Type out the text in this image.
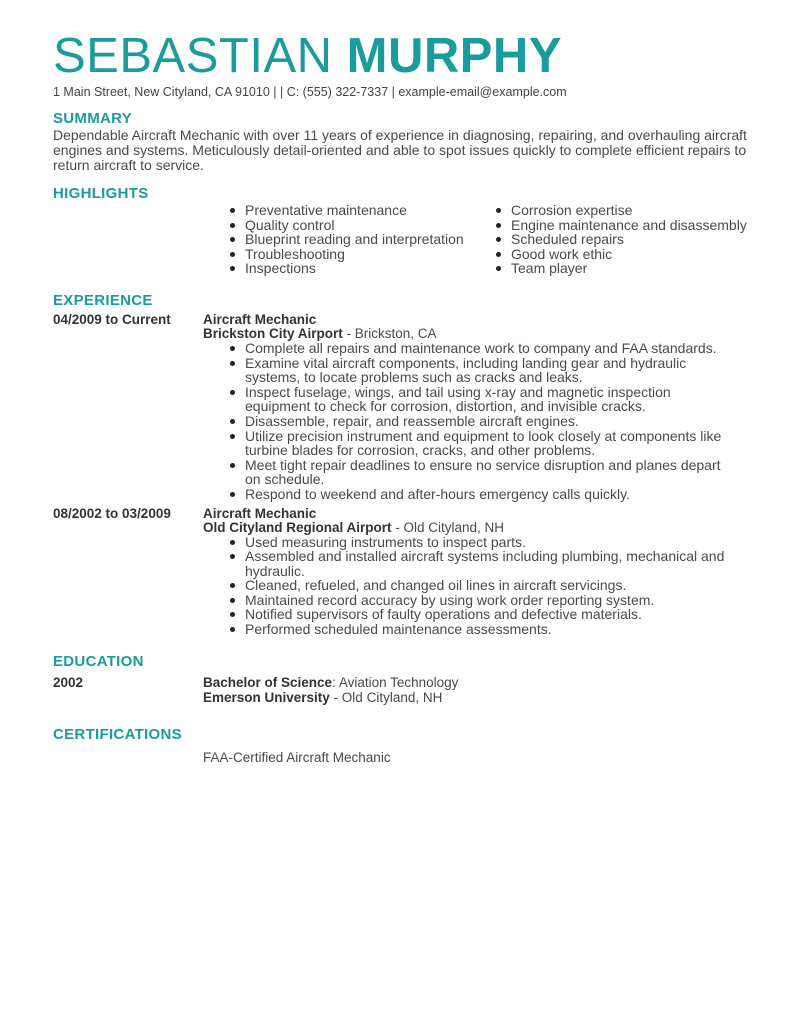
SEBASTIAN MURPHY
1 Main Street, New Cityland, CA 91010 | | C: (555) 322-7337 | example-email@example.com
SUMMARY
Dependable Aircraft Mechanic with over 11 years of experience in diagnosing, repairing, and overhauling aircraft engines and systems. Meticulously detail-oriented and able to spot issues quickly to complete efficient repairs to return aircraft to service.
HIGHLIGHTS
Preventative maintenance
Quality control
Blueprint reading and interpretation
Troubleshooting
Inspections
Corrosion expertise
Engine maintenance and disassembly
Scheduled repairs
Good work ethic
Team player
EXPERIENCE
04/2009 to Current	Aircraft Mechanic
Brickston City Airport - Brickston, CA
Complete all repairs and maintenance work to company and FAA standards.
Examine vital aircraft components, including landing gear and hydraulic systems, to locate problems such as cracks and leaks.
Inspect fuselage, wings, and tail using x-ray and magnetic inspection equipment to check for corrosion, distortion, and invisible cracks.
Disassemble, repair, and reassemble aircraft engines.
Utilize precision instrument and equipment to look closely at components like turbine blades for corrosion, cracks, and other problems.
Meet tight repair deadlines to ensure no service disruption and planes depart on schedule.
Respond to weekend and after-hours emergency calls quickly.
08/2002 to 03/2009	Aircraft Mechanic
Old Cityland Regional Airport - Old Cityland, NH
Used measuring instruments to inspect parts.
Assembled and installed aircraft systems including plumbing, mechanical and hydraulic.
Cleaned, refueled, and changed oil lines in aircraft servicings.
Maintained record accuracy by using work order reporting system.
Notified supervisors of faulty operations and defective materials.
Performed scheduled maintenance assessments.
EDUCATION
2002	Bachelor of Science: Aviation Technology
Emerson University - Old Cityland, NH
CERTIFICATIONS
FAA-Certified Aircraft Mechanic
